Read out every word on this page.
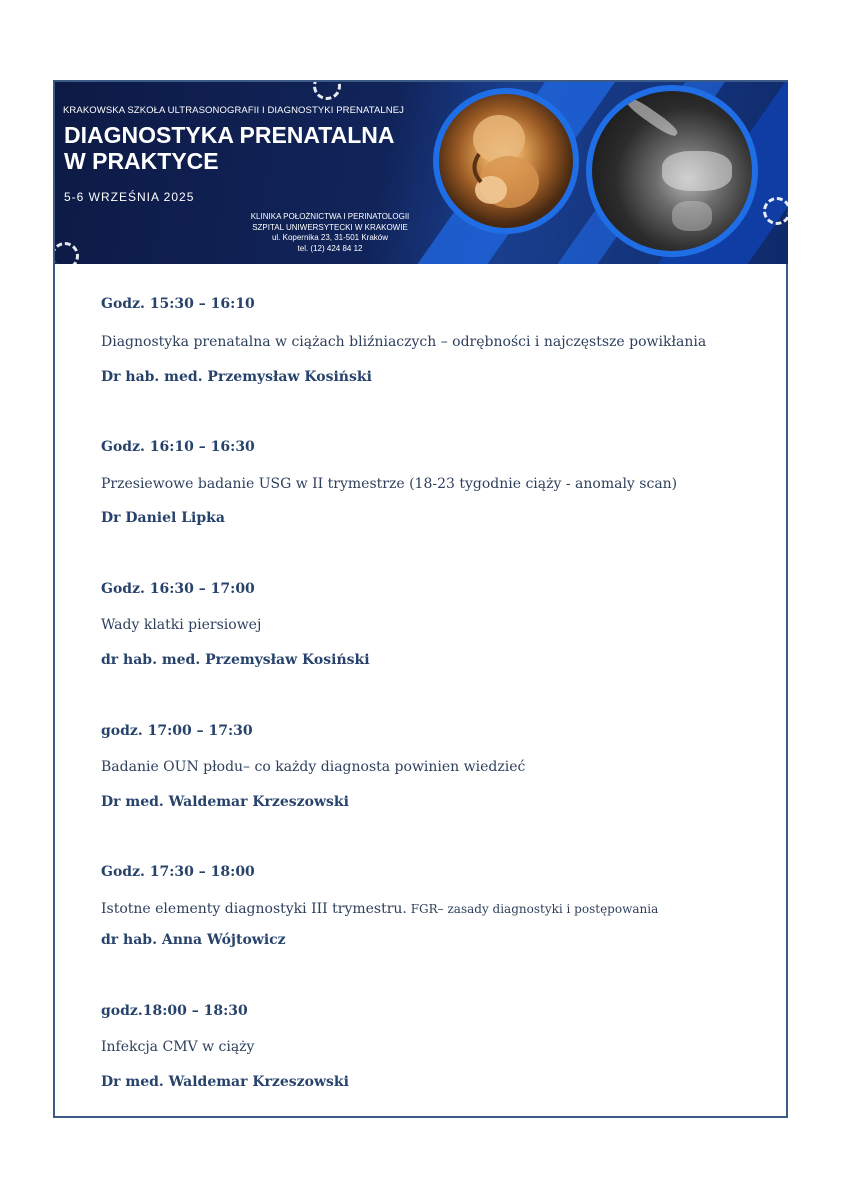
KRAKOWSKA SZKOŁA ULTRASONOGRAFII I DIAGNOSTYKI PRENATALNEJ
DIAGNOSTYKA PRENATALNA
W PRAKTYCE
5-6 WRZEŚNIA 2025
KLINIKA POŁOŻNICTWA I PERINATOLOGII
SZPITAL UNIWERSYTECKI W KRAKOWIE
ul. Kopernika 23, 31-501 Kraków
tel. (12) 424 84 12
Godz. 15:30 – 16:10
Diagnostyka prenatalna w ciążach bliźniaczych – odrębności i najczęstsze powikłania
Dr hab. med. Przemysław Kosiński
Godz. 16:10 – 16:30
Przesiewowe badanie USG w II trymestrze (18-23 tygodnie ciąży - anomaly scan)
Dr Daniel Lipka
Godz. 16:30 – 17:00
Wady klatki piersiowej
dr hab. med. Przemysław Kosiński
godz. 17:00 – 17:30
Badanie OUN płodu– co każdy diagnosta powinien wiedzieć
Dr med. Waldemar Krzeszowski
Godz. 17:30 – 18:00
Istotne elementy diagnostyki III trymestru. FGR– zasady diagnostyki i postępowania
dr hab. Anna Wójtowicz
godz.18:00 – 18:30
Infekcja CMV w ciąży
Dr med. Waldemar Krzeszowski
